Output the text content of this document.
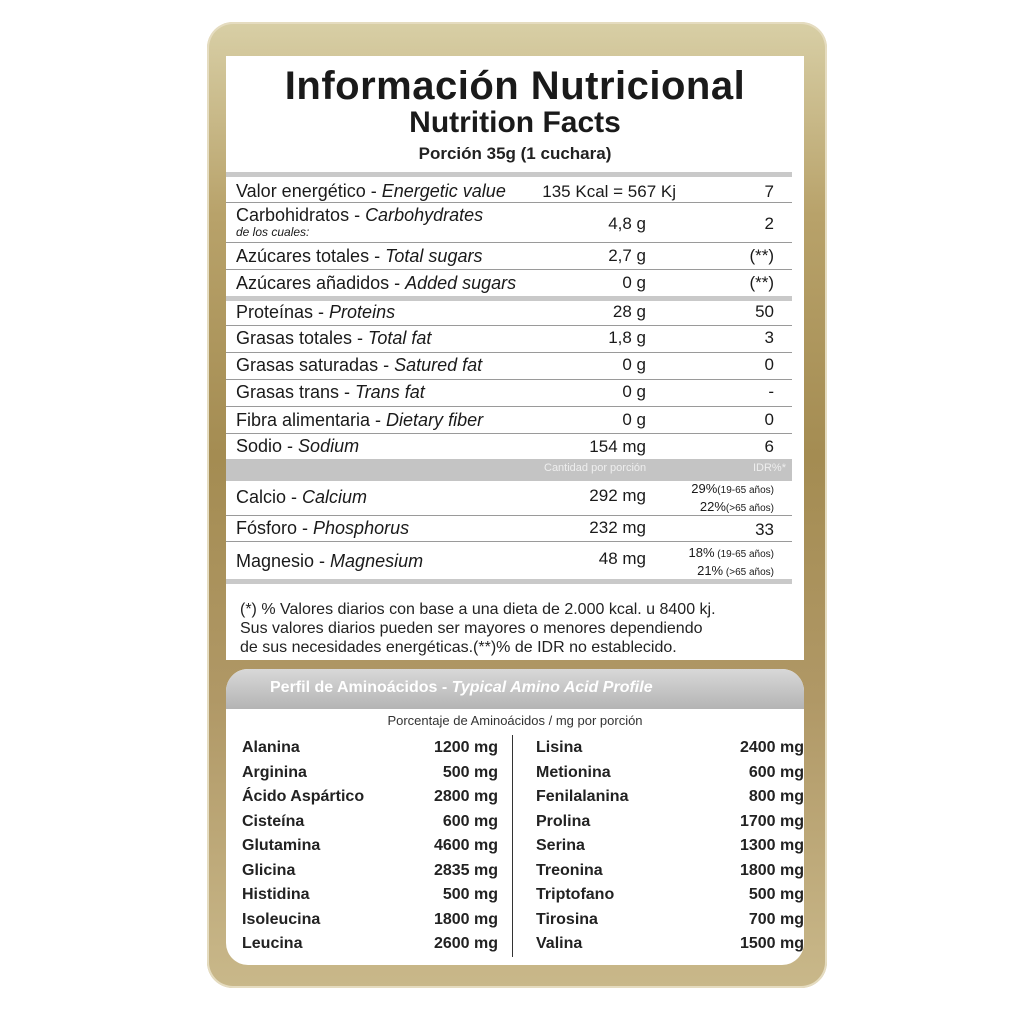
Información Nutricional
Nutrition Facts
Porción 35g (1 cuchara)
Valor energético - Energetic value 135 Kcal = 567 Kj	7
Carbohidratos - Carbohydrates
de los cuales:	4,8 g	2
Azúcares totales - Total sugars	2,7 g	(**)
Azúcares añadidos - Added sugars	0 g	(**)
Proteínas - Proteins	28 g	50
Grasas totales - Total fat	1,8 g	3
Grasas saturadas - Satured fat	0 g	0
Grasas trans - Trans fat	0 g	-
Fibra alimentaria - Dietary fiber	0 g	0
Sodio - Sodium	154 mg	6
Cantidad por porción	IDR%*
Calcio - Calcium	292 mg	29%(19-65 años)
22%(>65 años)
Fósforo - Phosphorus	232 mg	33
Magnesio - Magnesium	48 mg	18% (19-65 años)
21% (>65 años)
(*) % Valores diarios con base a una dieta de 2.000 kcal. u 8400 kj.
Sus valores diarios pueden ser mayores o menores dependiendo
de sus necesidades energéticas.(**)% de IDR no establecido.
Perfil de Aminoácidos - Typical Amino Acid Profile
Porcentaje de Aminoácidos / mg por porción
Alanina	1200 mg
Arginina	500 mg
Ácido Aspártico	2800 mg
Cisteína	600 mg
Glutamina	4600 mg
Glicina	2835 mg
Histidina	500 mg
Isoleucina	1800 mg
Leucina	2600 mg
Lisina	2400 mg
Metionina	600 mg
Fenilalanina	800 mg
Prolina	1700 mg
Serina	1300 mg
Treonina	1800 mg
Triptofano	500 mg
Tirosina	700 mg
Valina	1500 mg
